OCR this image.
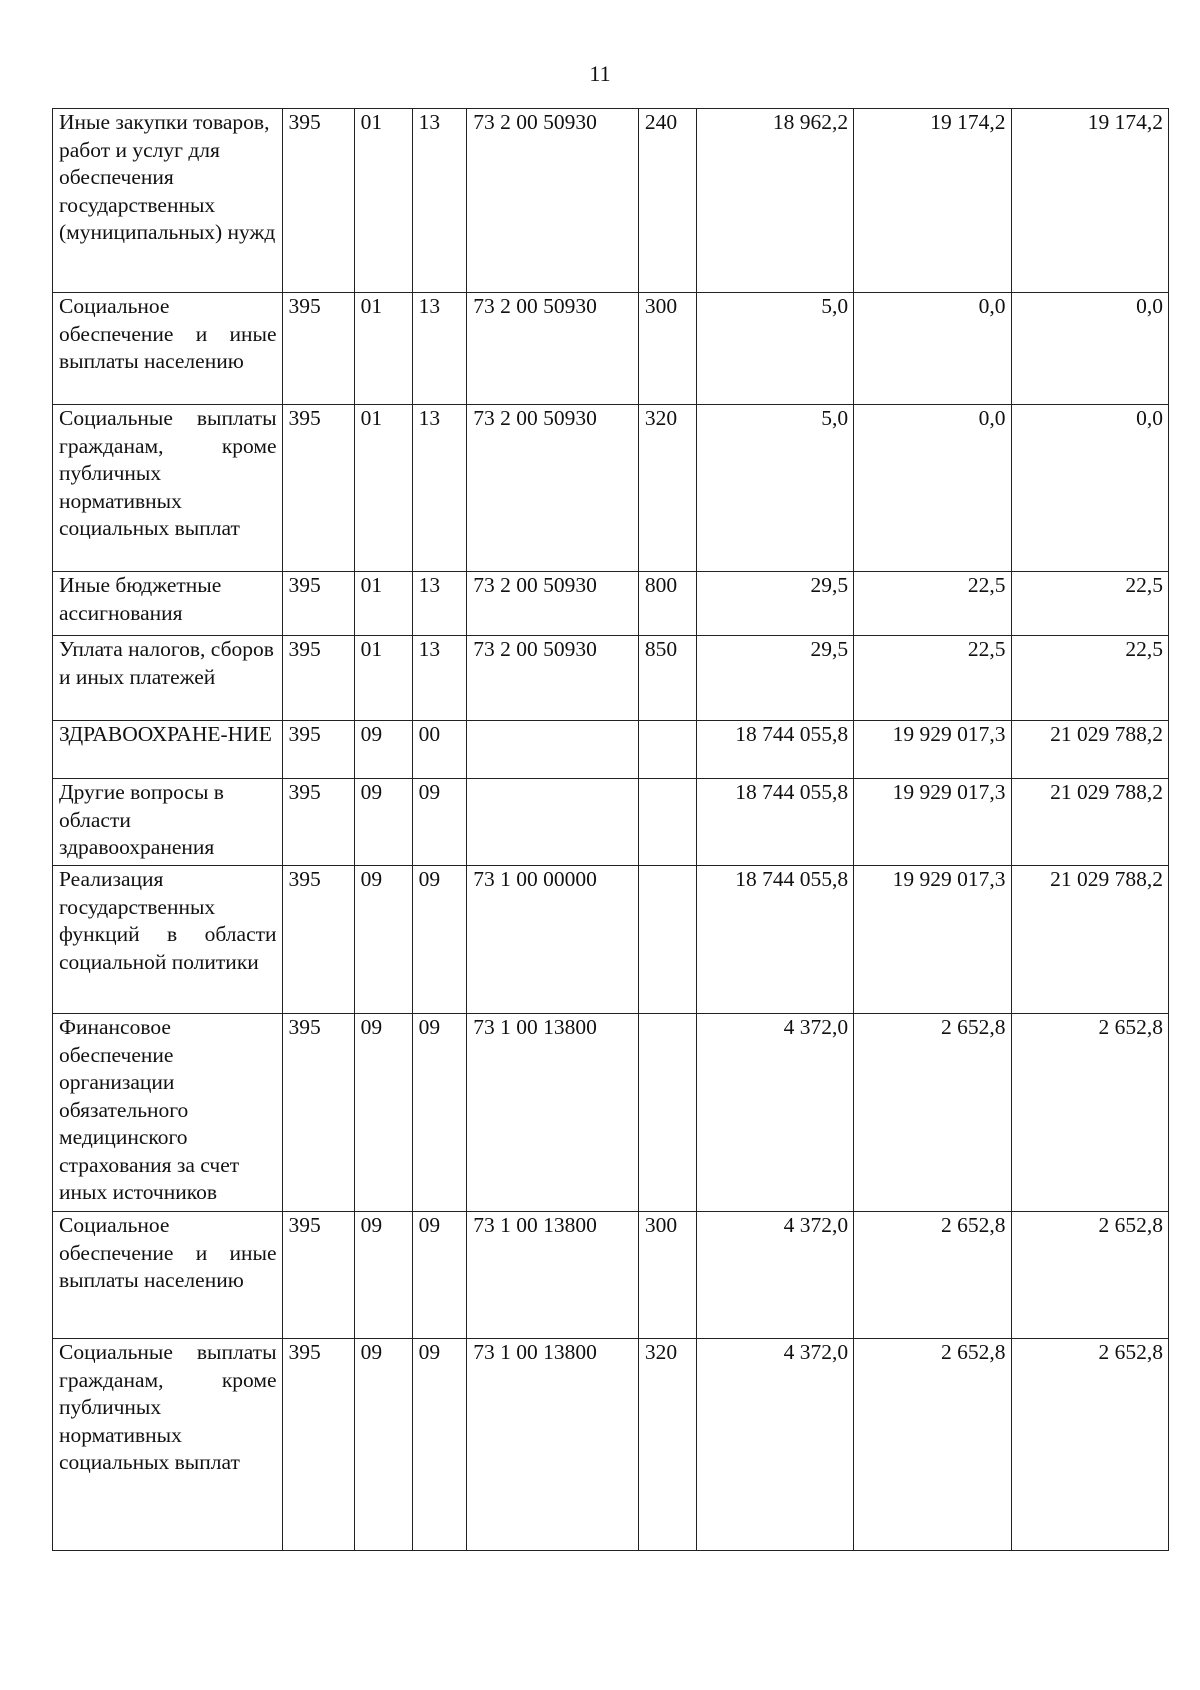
11
Иные закупки товаров, работ и услуг для обеспечения государственных (муниципальных) нужд	395	01	13	73 2 00 50930	240	18 962,2	19 174,2	19 174,2
Социальное обеспечение и иные выплаты населению	395	01	13	73 2 00 50930	300	5,0	0,0	0,0
Социальные выплаты гражданам, кроме публичных нормативных социальных выплат	395	01	13	73 2 00 50930	320	5,0	0,0	0,0
Иные бюджетные ассигнования	395	01	13	73 2 00 50930	800	29,5	22,5	22,5
Уплата налогов, сборов и иных платежей	395	01	13	73 2 00 50930	850	29,5	22,5	22,5
ЗДРАВООХРАНЕ-НИЕ	395	09	00			18 744 055,8	19 929 017,3	21 029 788,2
Другие вопросы в области здравоохранения	395	09	09			18 744 055,8	19 929 017,3	21 029 788,2
Реализация государственных функций в области социальной политики	395	09	09	73 1 00 00000		18 744 055,8	19 929 017,3	21 029 788,2
Финансовое обеспечение организации обязательного медицинского страхования за счет иных источников	395	09	09	73 1 00 13800		4 372,0	2 652,8	2 652,8
Социальное обеспечение и иные выплаты населению	395	09	09	73 1 00 13800	300	4 372,0	2 652,8	2 652,8
Социальные выплаты гражданам, кроме публичных нормативных социальных выплат	395	09	09	73 1 00 13800	320	4 372,0	2 652,8	2 652,8
